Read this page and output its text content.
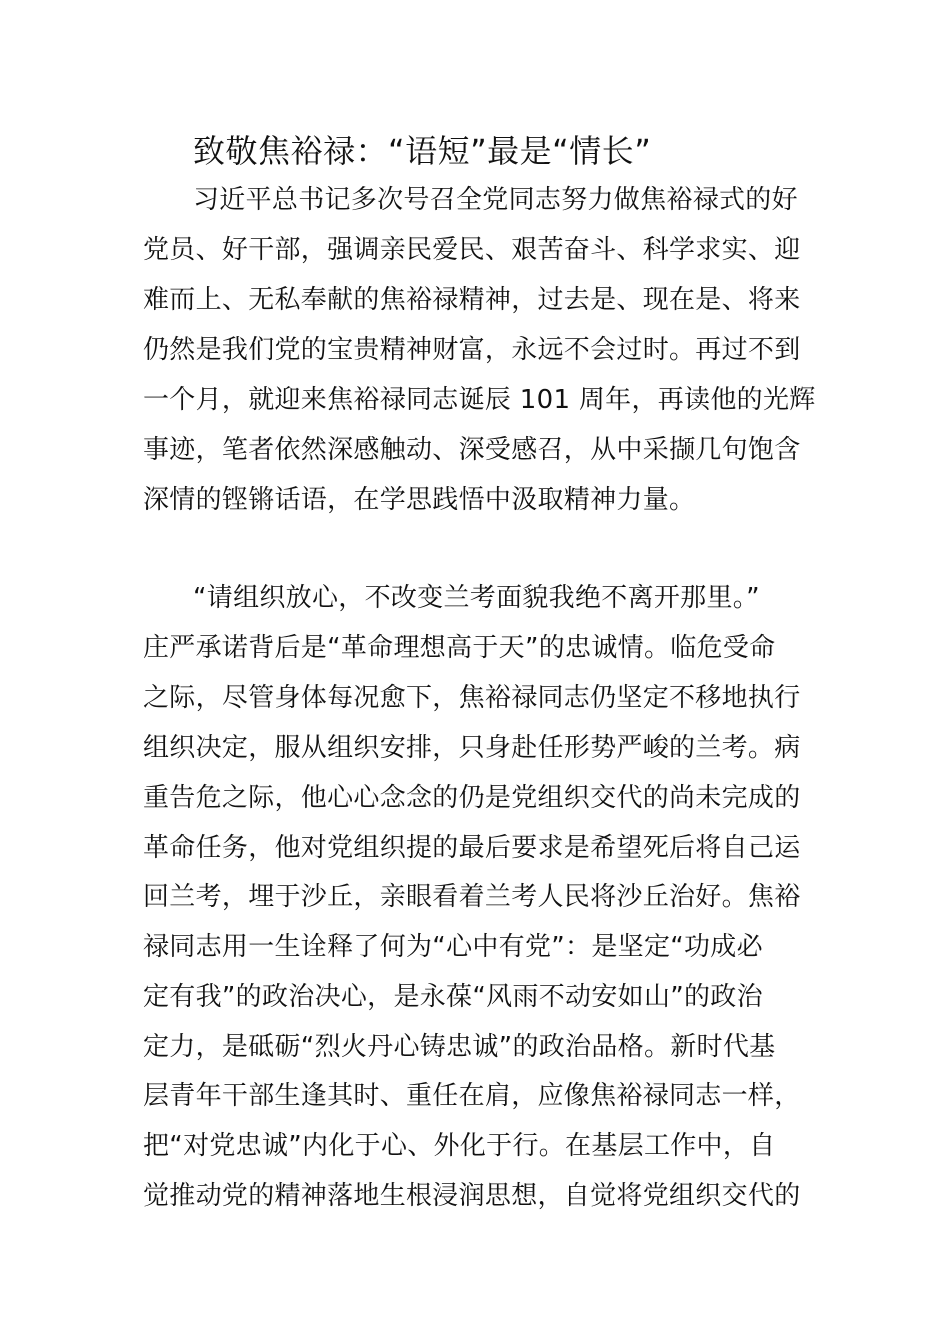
致敬焦裕禄：“语短”最是“情长”
习近平总书记多次号召全党同志努力做焦裕禄式的好
党员、好干部，强调亲民爱民、艰苦奋斗、科学求实、迎
难而上、无私奉献的焦裕禄精神，过去是、现在是、将来
仍然是我们党的宝贵精神财富，永远不会过时。再过不到
一个月，就迎来焦裕禄同志诞辰 101 周年，再读他的光辉
事迹，笔者依然深感触动、深受感召，从中采撷几句饱含
深情的铿锵话语，在学思践悟中汲取精神力量。
“请组织放心，不改变兰考面貌我绝不离开那里。”
庄严承诺背后是“革命理想高于天”的忠诚情。临危受命
之际，尽管身体每况愈下，焦裕禄同志仍坚定不移地执行
组织决定，服从组织安排，只身赴任形势严峻的兰考。病
重告危之际，他心心念念的仍是党组织交代的尚未完成的
革命任务，他对党组织提的最后要求是希望死后将自己运
回兰考，埋于沙丘，亲眼看着兰考人民将沙丘治好。焦裕
禄同志用一生诠释了何为“心中有党”：是坚定“功成必
定有我”的政治决心，是永葆“风雨不动安如山”的政治
定力，是砥砺“烈火丹心铸忠诚”的政治品格。新时代基
层青年干部生逢其时、重任在肩，应像焦裕禄同志一样，
把“对党忠诚”内化于心、外化于行。在基层工作中，自
觉推动党的精神落地生根浸润思想，自觉将党组织交代的
